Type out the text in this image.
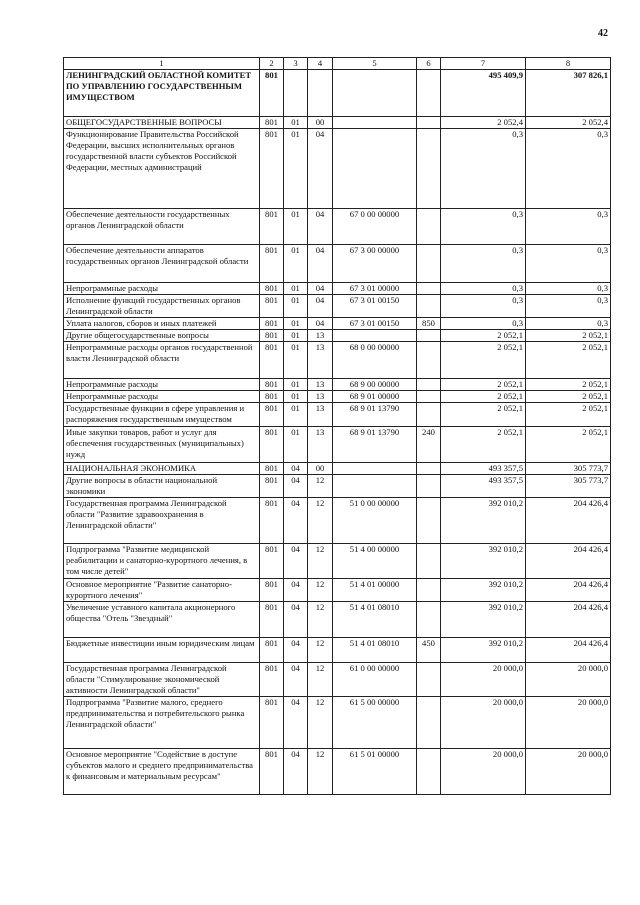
42
1	2	3	4	5	6	7	8
ЛЕНИНГРАДСКИЙ ОБЛАСТНОЙ КОМИТЕТ ПО УПРАВЛЕНИЮ ГОСУДАРСТВЕННЫМ ИМУЩЕСТВОМ	801					495 409,9	307 826,1
ОБЩЕГОСУДАРСТВЕННЫЕ ВОПРОСЫ	801	01	00			2 052,4	2 052,4
Функционирование Правительства Российской Федерации, высших исполнительных органов государственной власти субъектов Российской Федерации, местных администраций	801	01	04			0,3	0,3
Обеспечение деятельности государственных органов Ленинградской области	801	01	04	67 0 00 00000		0,3	0,3
Обеспечение деятельности аппаратов государственных органов Ленинградской области	801	01	04	67 3 00 00000		0,3	0,3
Непрограммные расходы	801	01	04	67 3 01 00000		0,3	0,3
Исполнение функций государственных органов Ленинградской области	801	01	04	67 3 01 00150		0,3	0,3
Уплата налогов, сборов и иных платежей	801	01	04	67 3 01 00150	850	0,3	0,3
Другие общегосударственные вопросы	801	01	13			2 052,1	2 052,1
Непрограммные расходы органов государственной власти Ленинградской области	801	01	13	68 0 00 00000		2 052,1	2 052,1
Непрограммные расходы	801	01	13	68 9 00 00000		2 052,1	2 052,1
Непрограммные расходы	801	01	13	68 9 01 00000		2 052,1	2 052,1
Государственные функции в сфере управления и распоряжения государственным имуществом	801	01	13	68 9 01 13790		2 052,1	2 052,1
Иные закупки товаров, работ и услуг для обеспечения государственных (муниципальных) нужд	801	01	13	68 9 01 13790	240	2 052,1	2 052,1
НАЦИОНАЛЬНАЯ ЭКОНОМИКА	801	04	00			493 357,5	305 773,7
Другие вопросы в области национальной экономики	801	04	12			493 357,5	305 773,7
Государственная программа Ленинградской области "Развитие здравоохранения в Ленинградской области"	801	04	12	51 0 00 00000		392 010,2	204 426,4
Подпрограмма "Развитие медицинской реабилитации и санаторно-курортного лечения, в том числе детей"	801	04	12	51 4 00 00000		392 010,2	204 426,4
Основное мероприятие "Развитие санаторно-курортного лечения"	801	04	12	51 4 01 00000		392 010,2	204 426,4
Увеличение уставного капитала акционерного общества "Отель "Звездный"	801	04	12	51 4 01 08010		392 010,2	204 426,4
Бюджетные инвестиции иным юридическим лицам	801	04	12	51 4 01 08010	450	392 010,2	204 426,4
Государственная программа Ленинградской области "Стимулирование экономической активности Ленинградской области"	801	04	12	61 0 00 00000		20 000,0	20 000,0
Подпрограмма "Развитие малого, среднего предпринимательства и потребительского рынка Ленинградской области"	801	04	12	61 5 00 00000		20 000,0	20 000,0
Основное мероприятие "Содействие в доступе субъектов малого и среднего предпринимательства к финансовым и материальным ресурсам"	801	04	12	61 5 01 00000		20 000,0	20 000,0
